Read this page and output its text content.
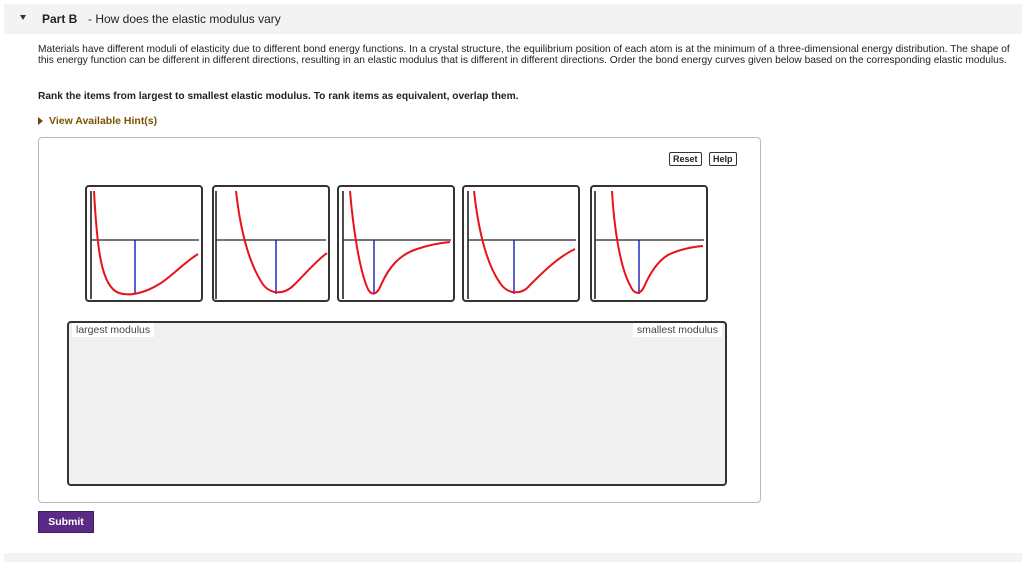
Part B - How does the elastic modulus vary

Materials have different moduli of elasticity due to different bond energy functions. In a crystal structure, the equilibrium position of each atom is at the minimum of a three-dimensional energy distribution. The shape of this energy function can be different in different directions, resulting in an elastic modulus that is different in different directions. Order the bond energy curves given below based on the corresponding elastic modulus.

Rank the items from largest to smallest elastic modulus. To rank items as equivalent, overlap them.

View Available Hint(s)
Reset	Help
largest modulus	smallest modulus
Submit
